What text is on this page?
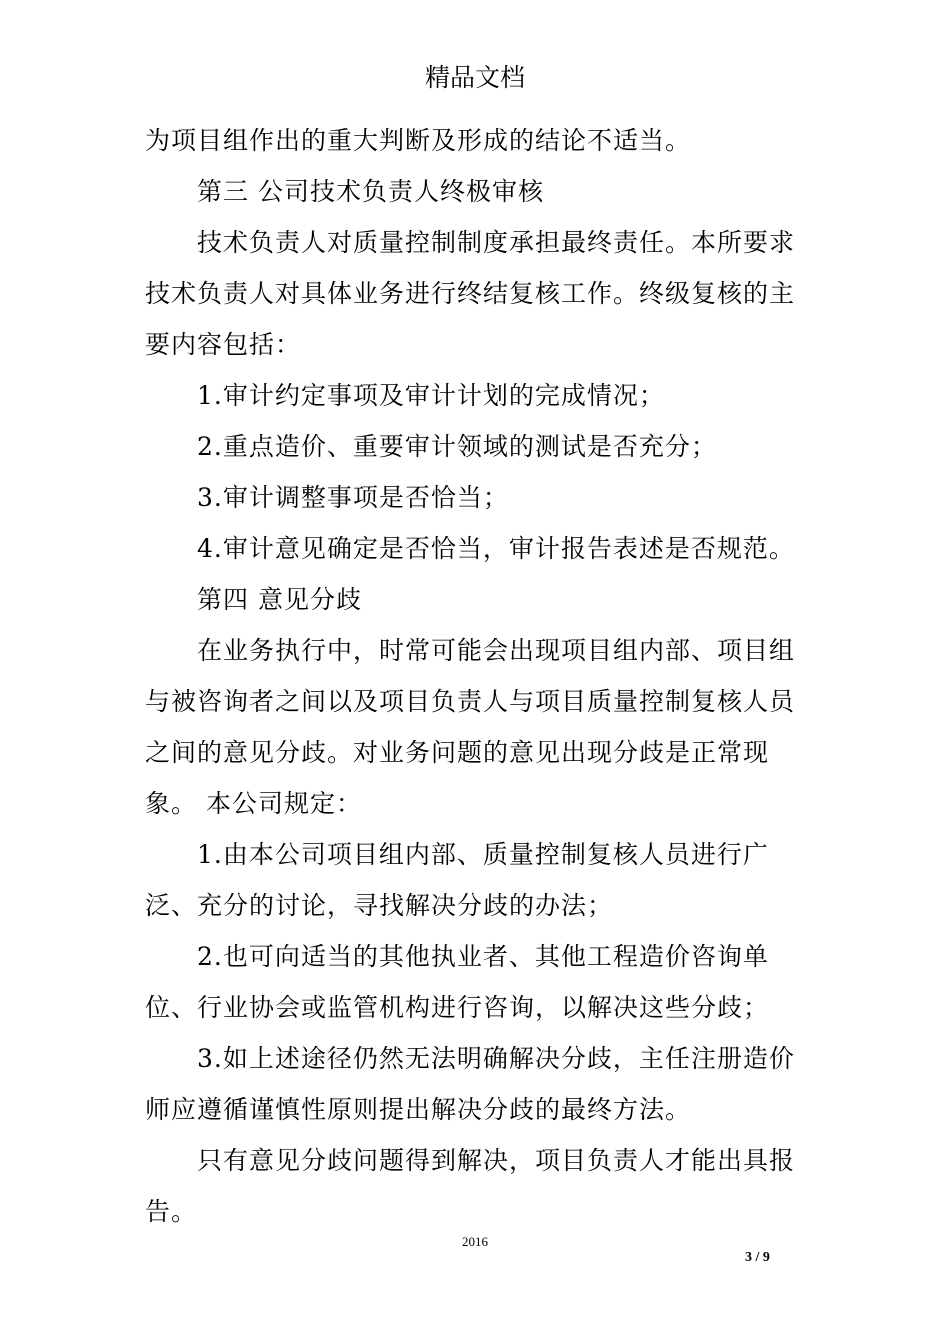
精品文档

为项目组作出的重大判断及形成的结论不适当。

第三 公司技术负责人终极审核

技术负责人对质量控制制度承担最终责任。本所要求技术负责人对具体业务进行终结复核工作。终级复核的主要内容包括：

1.审计约定事项及审计计划的完成情况；

2.重点造价、重要审计领域的测试是否充分；

3.审计调整事项是否恰当；

4.审计意见确定是否恰当，审计报告表述是否规范。

第四 意见分歧

在业务执行中，时常可能会出现项目组内部、项目组与被咨询者之间以及项目负责人与项目质量控制复核人员之间的意见分歧。对业务问题的意见出现分歧是正常现象。 本公司规定：

1.由本公司项目组内部、质量控制复核人员进行广泛、充分的讨论，寻找解决分歧的办法；

2.也可向适当的其他执业者、其他工程造价咨询单位、行业协会或监管机构进行咨询，以解决这些分歧；

3.如上述途径仍然无法明确解决分歧，主任注册造价师应遵循谨慎性原则提出解决分歧的最终方法。

只有意见分歧问题得到解决，项目负责人才能出具报告。

2016
3 / 9
